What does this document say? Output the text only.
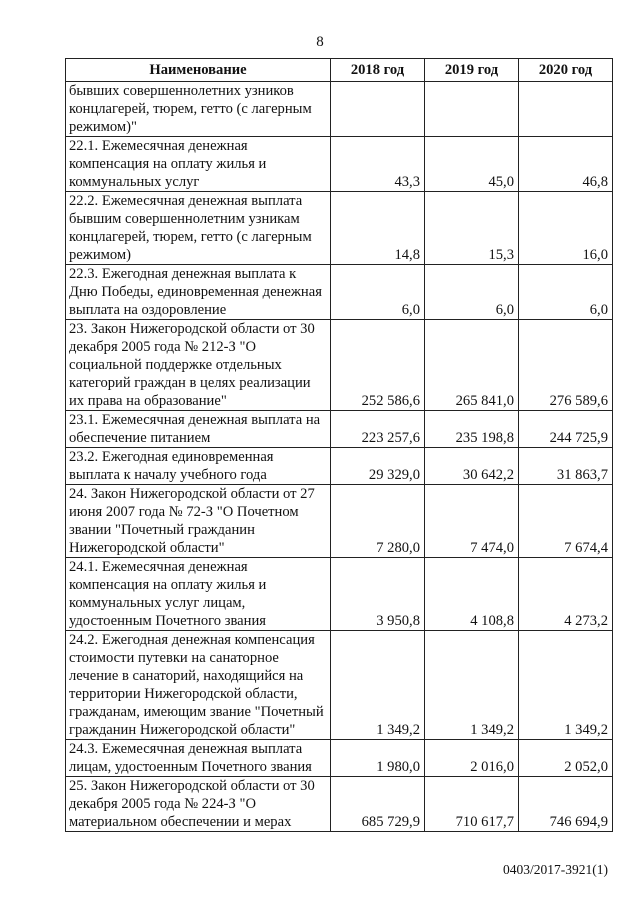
8
Наименование	2018 год	2019 год	2020 год
бывших совершеннолетних узников концлагерей, тюрем, гетто (с лагерным режимом)"			
22.1. Ежемесячная денежная компенсация на оплату жилья и коммунальных услуг	43,3	45,0	46,8
22.2. Ежемесячная денежная выплата бывшим совершеннолетним узникам концлагерей, тюрем, гетто (с лагерным режимом)	14,8	15,3	16,0
22.3. Ежегодная денежная выплата к Дню Победы, единовременная денежная выплата на оздоровление	6,0	6,0	6,0
23. Закон Нижегородской области от 30 декабря 2005 года № 212-З "О социальной поддержке отдельных категорий граждан в целях реализации их права на образование"	252 586,6	265 841,0	276 589,6
23.1. Ежемесячная денежная выплата на обеспечение питанием	223 257,6	235 198,8	244 725,9
23.2. Ежегодная единовременная выплата к началу учебного года	29 329,0	30 642,2	31 863,7
24. Закон Нижегородской области от 27 июня 2007 года № 72-З "О Почетном звании "Почетный гражданин Нижегородской области"	7 280,0	7 474,0	7 674,4
24.1. Ежемесячная денежная компенсация на оплату жилья и коммунальных услуг лицам, удостоенным Почетного звания	3 950,8	4 108,8	4 273,2
24.2. Ежегодная денежная компенсация стоимости путевки на санаторное лечение в санаторий, находящийся на территории Нижегородской области, гражданам, имеющим звание "Почетный гражданин Нижегородской области"	1 349,2	1 349,2	1 349,2
24.3. Ежемесячная денежная выплата лицам, удостоенным Почетного звания	1 980,0	2 016,0	2 052,0
25. Закон Нижегородской области от 30 декабря 2005 года № 224-З "О материальном обеспечении и мерах	685 729,9	710 617,7	746 694,9
0403/2017-3921(1)
